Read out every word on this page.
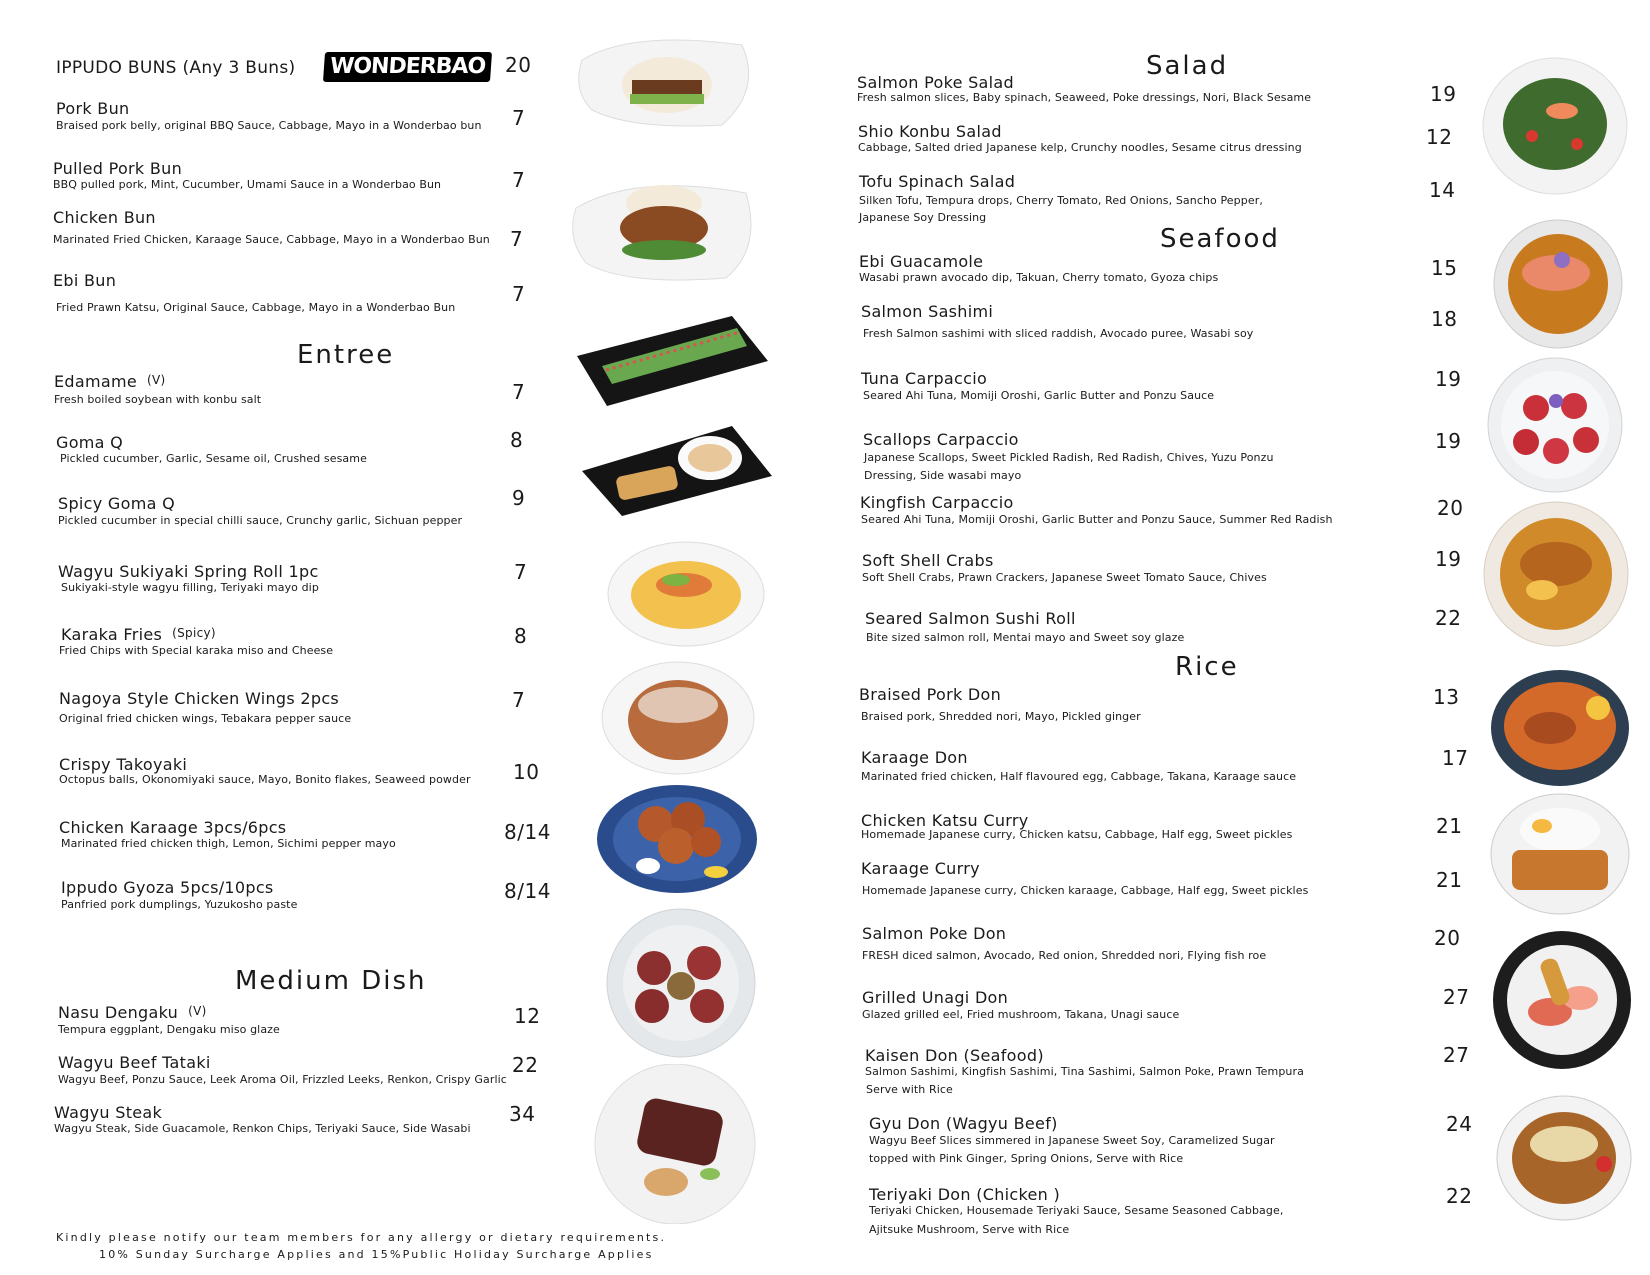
IPPUDO BUNS (Any 3 Buns) WONDERBAO 20
Pork Bun
Braised pork belly, original BBQ Sauce, Cabbage, Mayo in a Wonderbao bun 7
Pulled Pork Bun
BBQ pulled pork, Mint, Cucumber, Umami Sauce in a Wonderbao Bun	7
Chicken Bun
Marinated Fried Chicken, Karaage Sauce, Cabbage, Mayo in a Wonderbao Bun 7
Ebi Bun
Fried Prawn Katsu, Original Sauce, Cabbage, Mayo in a Wonderbao Bun
7
Entree
Edamame (V)
Fresh boiled soybean with konbu salt	7
Goma Q
Pickled cucumber, Garlic, Sesame oil, Crushed sesame
8
Spicy Goma Q
Pickled cucumber in special chilli sauce, Crunchy garlic, Sichuan pepper
9
Wagyu Sukiyaki Spring Roll 1pc
Sukiyaki-style wagyu filling, Teriyaki mayo dip
7
Karaka Fries (Spicy)
Fried Chips with Special karaka miso and Cheese
8
Nagoya Style Chicken Wings 2pcs
Original fried chicken wings, Tebakara pepper sauce
7
Crispy Takoyaki
Octopus balls, Okonomiyaki sauce, Mayo, Bonito flakes, Seaweed powder 10
Chicken Karaage 3pcs/6pcs
Marinated fried chicken thigh, Lemon, Sichimi pepper mayo	8/14
Ippudo Gyoza 5pcs/10pcs
Panfried pork dumplings, Yuzukosho paste
8/14
Medium Dish
Nasu Dengaku (V)
Tempura eggplant, Dengaku miso glaze
12
Wagyu Beef Tataki
Wagyu Beef, Ponzu Sauce, Leek Aroma Oil, Frizzled Leeks, Renkon, Crispy Garlic
22
Wagyu Steak
Wagyu Steak, Side Guacamole, Renkon Chips, Teriyaki Sauce, Side Wasabi
34
Kindly please notify our team members for any allergy or dietary requirements.
10% Sunday Surcharge Applies and 15%Public Holiday Surcharge Applies
Salad
Salmon Poke Salad
Fresh salmon slices, Baby spinach, Seaweed, Poke dressings, Nori, Black Sesame	19
Shio Konbu Salad
Cabbage, Salted dried Japanese kelp, Crunchy noodles, Sesame citrus dressing	12
Tofu Spinach Salad
Silken Tofu, Tempura drops, Cherry Tomato, Red Onions, Sancho Pepper,
Japanese Soy Dressing
14
Seafood
Ebi Guacamole
Wasabi prawn avocado dip, Takuan, Cherry tomato, Gyoza chips	15
Salmon Sashimi
Fresh Salmon sashimi with sliced raddish, Avocado puree, Wasabi soy
18
Tuna Carpaccio
Seared Ahi Tuna, Momiji Oroshi, Garlic Butter and Ponzu Sauce
19
Scallops Carpaccio
Japanese Scallops, Sweet Pickled Radish, Red Radish, Chives, Yuzu Ponzu
Dressing, Side wasabi mayo
19
Kingfish Carpaccio
Seared Ahi Tuna, Momiji Oroshi, Garlic Butter and Ponzu Sauce, Summer Red Radish	20
Soft Shell Crabs
Soft Shell Crabs, Prawn Crackers, Japanese Sweet Tomato Sauce, Chives
19
Seared Salmon Sushi Roll
Bite sized salmon roll, Mentai mayo and Sweet soy glaze
22
Rice
Braised Pork Don
Braised pork, Shredded nori, Mayo, Pickled ginger
13
Karaage Don
Marinated fried chicken, Half flavoured egg, Cabbage, Takana, Karaage sauce
17
Chicken Katsu Curry
Homemade Japanese curry, Chicken katsu, Cabbage, Half egg, Sweet pickles	21
Karaage Curry
Homemade Japanese curry, Chicken karaage, Cabbage, Half egg, Sweet pickles	21
Salmon Poke Don
FRESH diced salmon, Avocado, Red onion, Shredded nori, Flying fish roe
20
Grilled Unagi Don
Glazed grilled eel, Fried mushroom, Takana, Unagi sauce
27
Kaisen Don (Seafood)
Salmon Sashimi, Kingfish Sashimi, Tina Sashimi, Salmon Poke, Prawn Tempura
Serve with Rice
27
Gyu Don (Wagyu Beef)
Wagyu Beef Slices simmered in Japanese Sweet Soy, Caramelized Sugar
topped with Pink Ginger, Spring Onions, Serve with Rice
24
Teriyaki Don (Chicken )
Teriyaki Chicken, Housemade Teriyaki Sauce, Sesame Seasoned Cabbage,
Ajitsuke Mushroom, Serve with Rice
22
